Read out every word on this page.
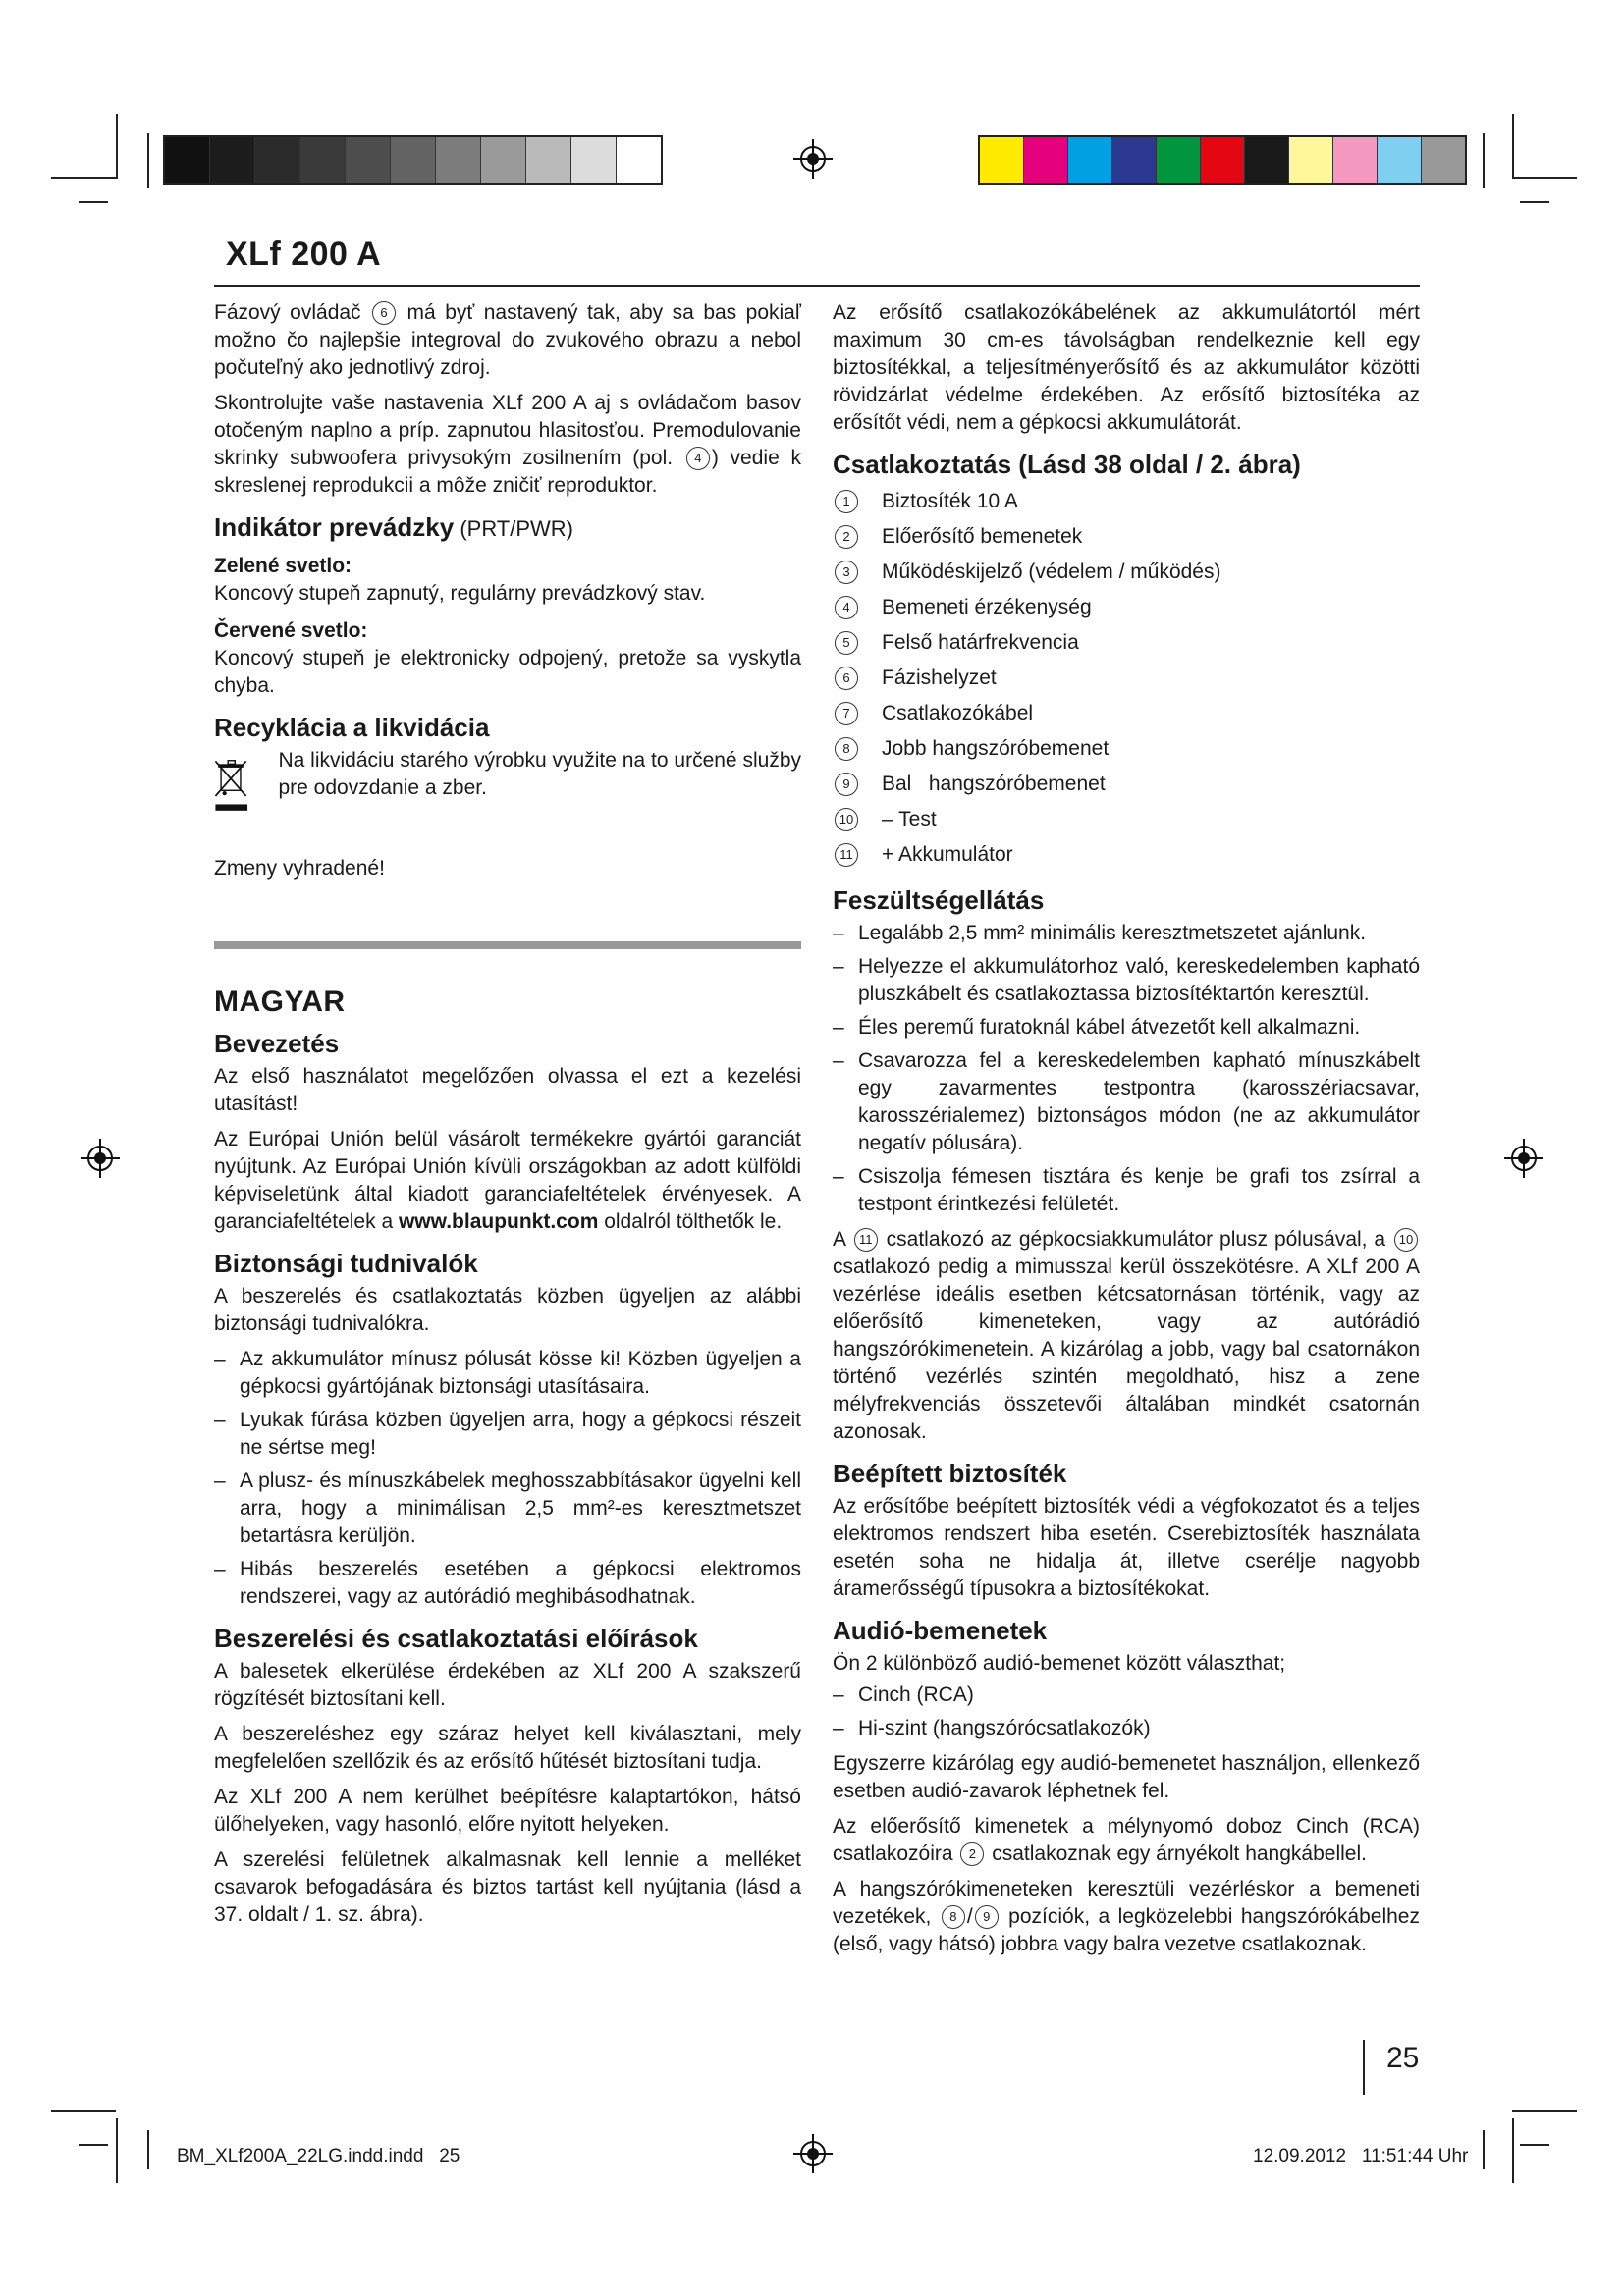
XLf 200 A

Fázový ovládač 6 má byť nastavený tak, aby sa bas pokiaľ možno čo najlepšie integroval do zvukového obrazu a nebol počuteľný ako jednotlivý zdroj.

Skontrolujte vaše nastavenia XLf 200 A aj s ovládačom basov otočeným naplno a príp. zapnutou hlasitosťou. Premodulovanie skrinky subwoofera privysokým zosilnením (pol. 4 ) vedie k skreslenej reprodukcii a môže zničiť reproduktor.

Indikátor prevádzky (PRT/PWR)
Zelené svetlo:

Koncový stupeň zapnutý, regulárny prevádzkový stav.

Červené svetlo:

Koncový stupeň je elektronicky odpojený, pretože sa vyskytla chyba.

Recyklácia a likvidácia

Na likvidáciu starého výrobku využite na to určené služby pre odovzdanie a zber.

Zmeny vyhradené!

MAGYAR
Bevezetés

Az első használatot megelőzően olvassa el ezt a kezelési utasítást!

Az Európai Unión belül vásárolt termékekre gyártói garanciát nyújtunk. Az Európai Unión kívüli országokban az adott külföldi képviseletünk által kiadott garanciafeltételek érvényesek. A garanciafeltételek a www.blaupunkt.com oldalról tölthetők le.

Biztonsági tudnivalók

A beszerelés és csatlakoztatás közben ügyeljen az alábbi biztonsági tudnivalókra.

– Az akkumulátor mínusz pólusát kösse ki! Közben ügyeljen a gépkocsi gyártójának biztonsági utasításaira.
– Lyukak fúrása közben ügyeljen arra, hogy a gépkocsi részeit ne sértse meg!
– A plusz- és mínuszkábelek meghosszabbításakor ügyelni kell arra, hogy a minimálisan 2,5 mm²-es keresztmetszet betartásra kerüljön.
– Hibás beszerelés esetében a gépkocsi elektromos rendszerei, vagy az autórádió meghibásodhatnak.
Beszerelési és csatlakoztatási előírások

A balesetek elkerülése érdekében az XLf 200 A szakszerű rögzítését biztosítani kell.

A beszereléshez egy száraz helyet kell kiválasztani, mely megfelelően szellőzik és az erősítő hűtését biztosítani tudja.

Az XLf 200 A nem kerülhet beépítésre kalaptartókon, hátsó ülőhelyeken, vagy hasonló, előre nyitott helyeken.

A szerelési felületnek alkalmasnak kell lennie a melléket csavarok befogadására és biztos tartást kell nyújtania (lásd a 37. oldalt / 1. sz. ábra).

Az erősítő csatlakozókábelének az akkumulátortól mért maximum 30 cm-es távolságban rendelkeznie kell egy biztosítékkal, a teljesítményerősítő és az akkumulátor közötti rövidzárlat védelme érdekében. Az erősítő biztosítéka az erősítőt védi, nem a gépkocsi akkumulátorát.

Csatlakoztatás (Lásd 38 oldal / 2. ábra)
1	Biztosíték 10 A
2	Előerősítő bemenetek
3	Működéskijelző (védelem / működés)
4	Bemeneti érzékenység
5	Felső határfrekvencia
6	Fázishelyzet
7	Csatlakozókábel
8	Jobb hangszóróbemenet
9	Bal   hangszóróbemenet
10 – Test
11 + Akkumulátor
Feszültségellátás
– Legalább 2,5 mm² minimális keresztmetszetet ajánlunk.
– Helyezze el akkumulátorhoz való, kereskedelemben kapható pluszkábelt és csatlakoztassa biztosítéktartón keresztül.
– Éles peremű furatoknál kábel átvezetőt kell alkalmazni.
– Csavarozza fel a kereskedelemben kapható mínuszkábelt egy zavarmentes testpontra (karosszériacsavar, karosszérialemez) biztonságos módon (ne az akkumulátor negatív pólusára).
– Csiszolja fémesen tisztára és kenje be grafi tos zsírral a testpont érintkezési felületét.

A 11 csatlakozó az gépkocsiakkumulátor plusz pólusával, a 10 csatlakozó pedig a mimusszal kerül összekötésre. A XLf 200 A vezérlése ideális esetben kétcsatornásan történik, vagy az előerősítő kimeneteken, vagy az autórádió hangszórókimenetein. A kizárólag a jobb, vagy bal csatornákon történő vezérlés szintén megoldható, hisz a zene mélyfrekvenciás összetevői általában mindkét csatornán azonosak.

Beépített biztosíték

Az erősítőbe beépített biztosíték védi a végfokozatot és a teljes elektromos rendszert hiba esetén. Cserebiztosíték használata esetén soha ne hidalja át, illetve cserélje nagyobb áramerősségű típusokra a biztosítékokat.

Audió-bemenetek

Ön 2 különböző audió-bemenet között választhat;

– Cinch (RCA)
– Hi-szint (hangszórócsatlakozók)

Egyszerre kizárólag egy audió-bemenetet használjon, ellenkező esetben audió-zavarok léphetnek fel.

Az előerősítő kimenetek a mélynyomó doboz Cinch (RCA) csatlakozóira 2 csatlakoznak egy árnyékolt hangkábellel.

A hangszórókimeneteken keresztüli vezérléskor a bemeneti vezetékek, 8 / 9 pozíciók, a legközelebbi hangszórókábelhez (első, vagy hátsó) jobbra vagy balra vezetve csatlakoznak.

25
BM_XLf200A_22LG.indd.indd   25	12.09.2012   11:51:44 Uhr
